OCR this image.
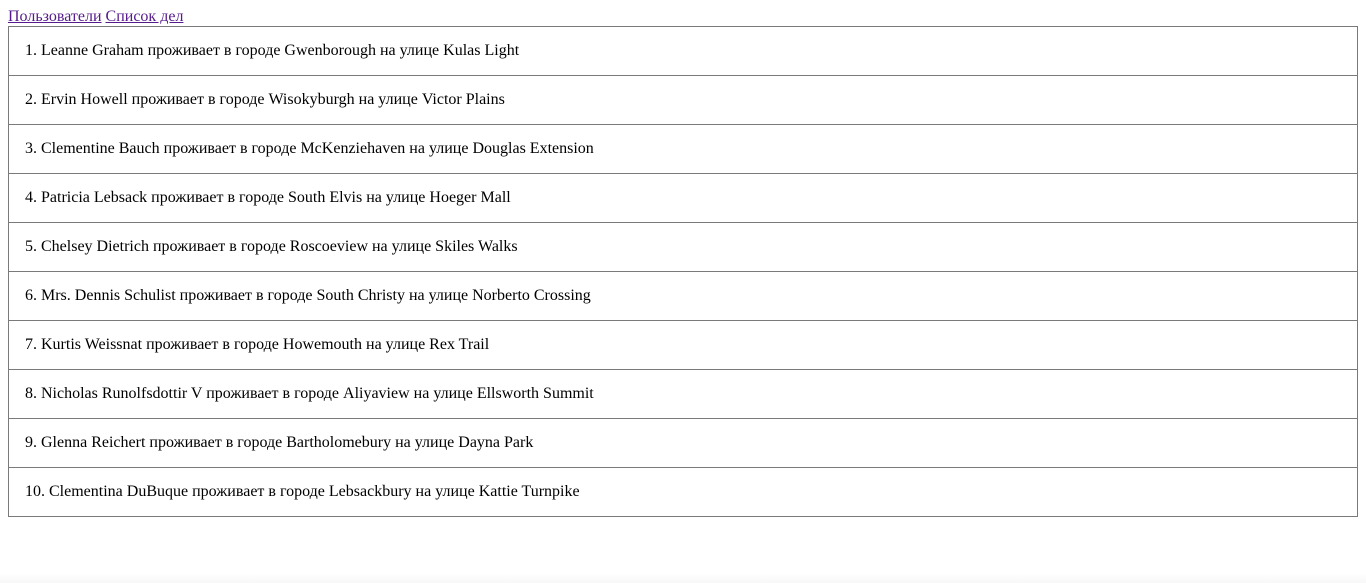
Пользователи Список дел
1. Leanne Graham проживает в городе Gwenborough на улице Kulas Light
2. Ervin Howell проживает в городе Wisokyburgh на улице Victor Plains
3. Clementine Bauch проживает в городе McKenziehaven на улице Douglas Extension
4. Patricia Lebsack проживает в городе South Elvis на улице Hoeger Mall
5. Chelsey Dietrich проживает в городе Roscoeview на улице Skiles Walks
6. Mrs. Dennis Schulist проживает в городе South Christy на улице Norberto Crossing
7. Kurtis Weissnat проживает в городе Howemouth на улице Rex Trail
8. Nicholas Runolfsdottir V проживает в городе Aliyaview на улице Ellsworth Summit
9. Glenna Reichert проживает в городе Bartholomebury на улице Dayna Park
10. Clementina DuBuque проживает в городе Lebsackbury на улице Kattie Turnpike
